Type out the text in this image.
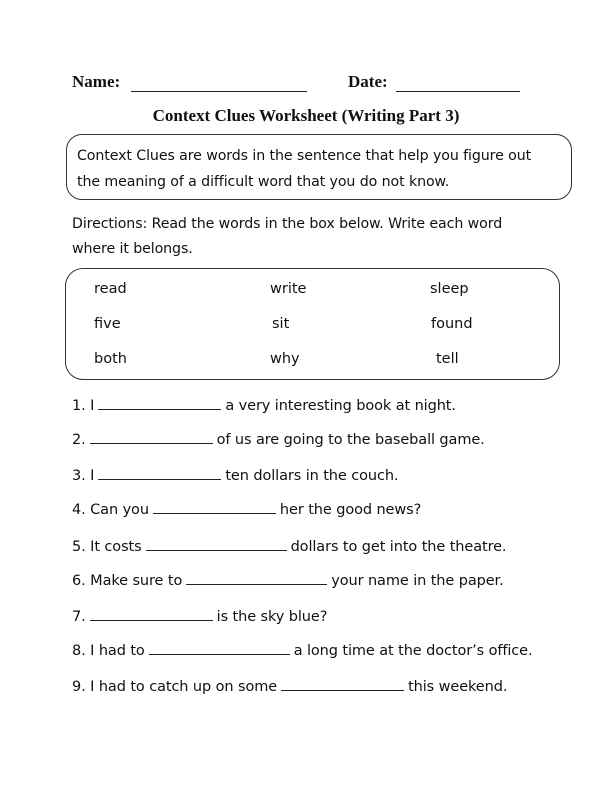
Name:	Date:
Context Clues Worksheet (Writing Part 3)
Context Clues are words in the sentence that help you figure out
the meaning of a difficult word that you do not know.
Directions: Read the words in the box below. Write each word
where it belongs.
read	write	sleep
five	sit	found
both	why	tell
1. I	a very interesting book at night.
2.	of us are going to the baseball game.
3. I	ten dollars in the couch.
4. Can you	her the good news?
5. It costs	dollars to get into the theatre.
6. Make sure to	your name in the paper.
7.	is the sky blue?
8. I had to	a long time at the doctor’s office.
9. I had to catch up on some	this weekend.
